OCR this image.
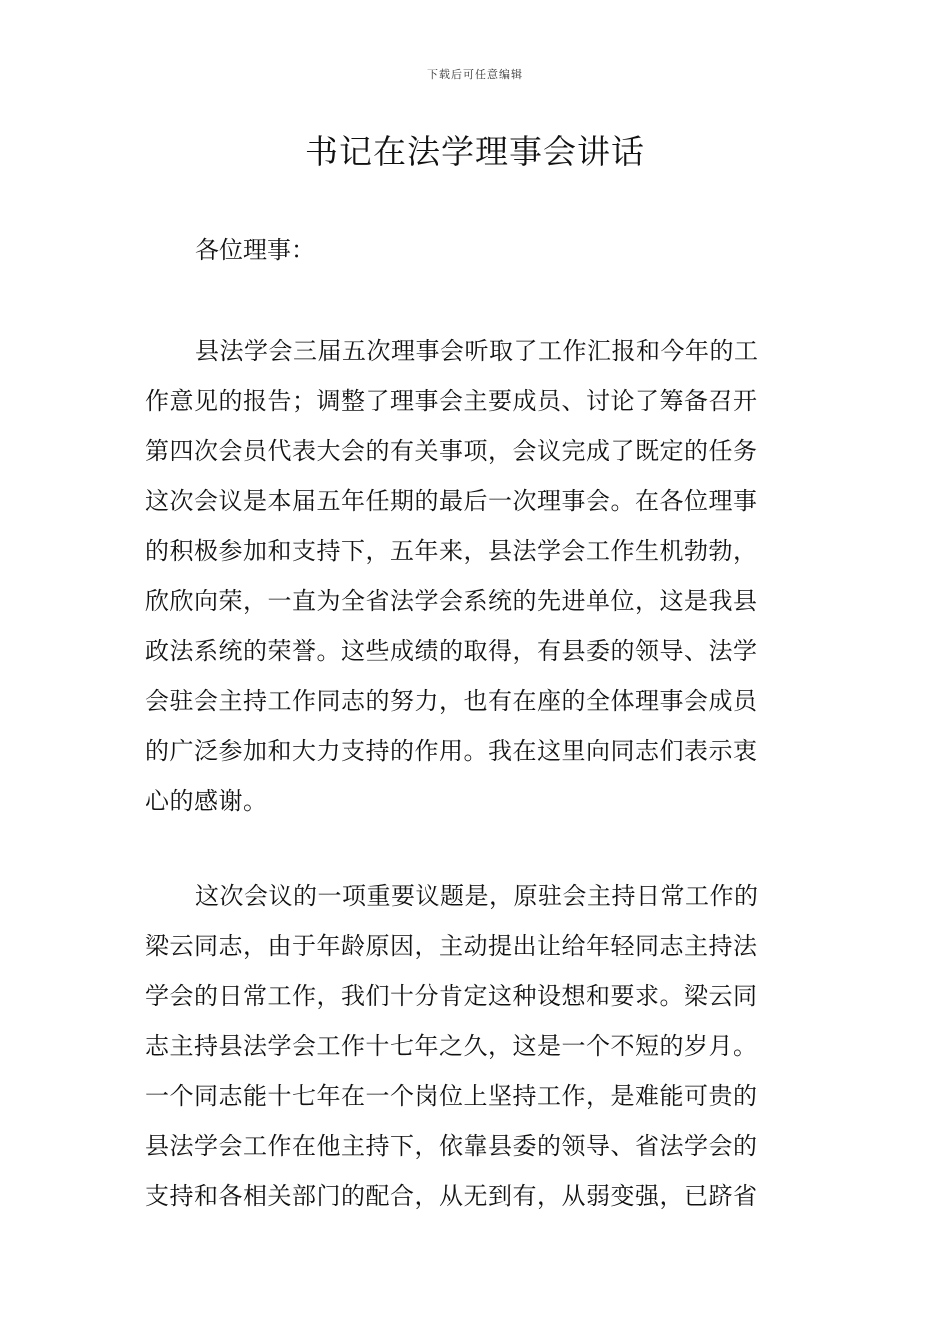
下载后可任意编辑
书记在法学理事会讲话
各位理事：
县法学会三届五次理事会听取了工作汇报和今年的工
作意见的报告；调整了理事会主要成员、讨论了筹备召开
第四次会员代表大会的有关事项，会议完成了既定的任务
这次会议是本届五年任期的最后一次理事会。在各位理事
的积极参加和支持下，五年来，县法学会工作生机勃勃，
欣欣向荣，一直为全省法学会系统的先进单位，这是我县
政法系统的荣誉。这些成绩的取得，有县委的领导、法学
会驻会主持工作同志的努力，也有在座的全体理事会成员
的广泛参加和大力支持的作用。我在这里向同志们表示衷
心的感谢。
这次会议的一项重要议题是，原驻会主持日常工作的
梁云同志，由于年龄原因，主动提出让给年轻同志主持法
学会的日常工作，我们十分肯定这种设想和要求。梁云同
志主持县法学会工作十七年之久，这是一个不短的岁月。
一个同志能十七年在一个岗位上坚持工作，是难能可贵的
县法学会工作在他主持下，依靠县委的领导、省法学会的
支持和各相关部门的配合，从无到有，从弱变强，已跻省
